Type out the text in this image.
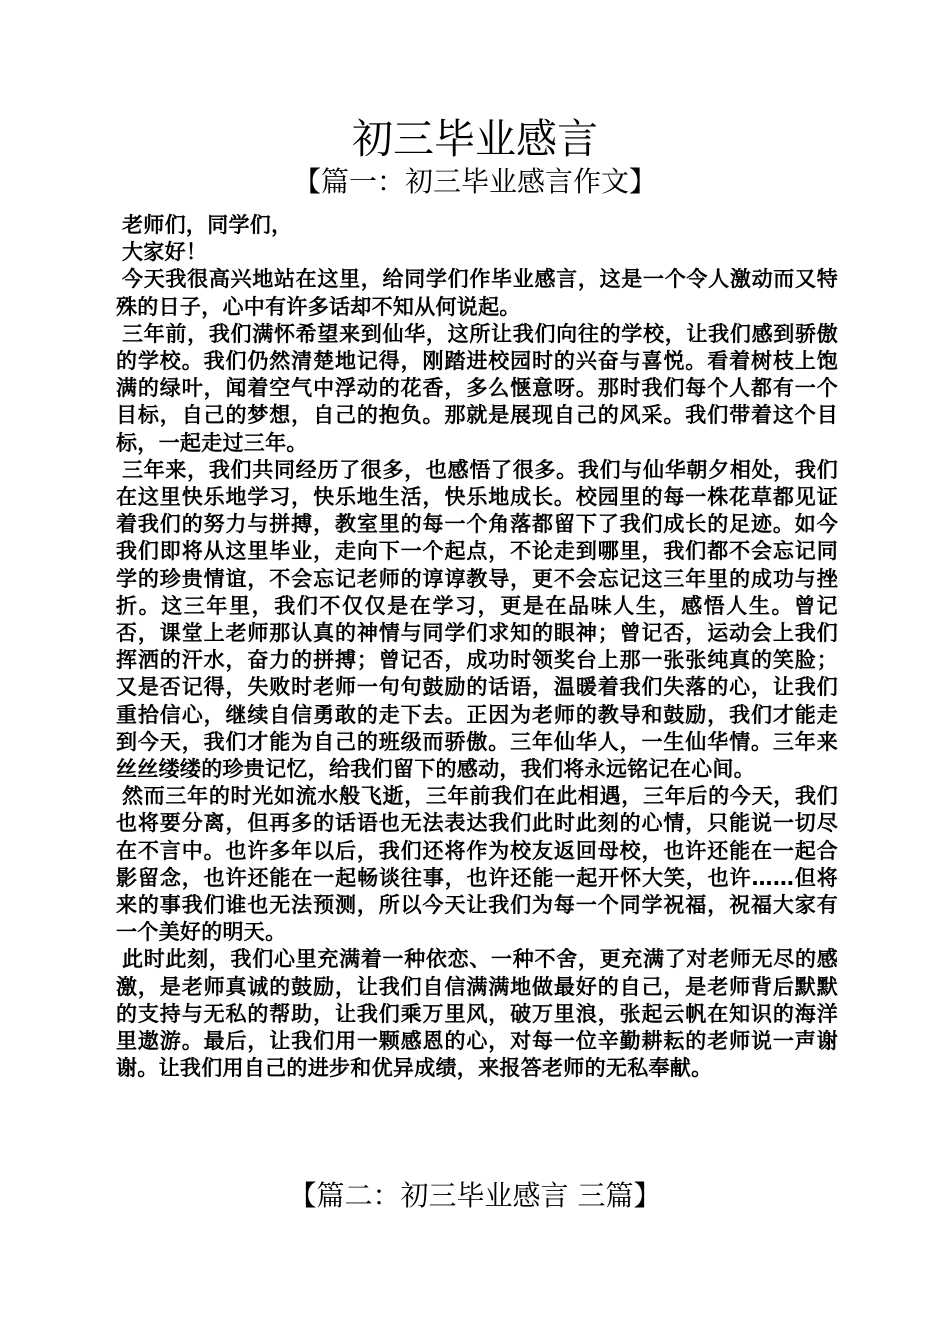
初三毕业感言
【篇一：初三毕业感言作文】

老师们，同学们，

大家好！

今天我很高兴地站在这里，给同学们作毕业感言，这是一个令人激动而又特殊的日子，心中有许多话却不知从何说起。

三年前，我们满怀希望来到仙华，这所让我们向往的学校，让我们感到骄傲的学校。我们仍然清楚地记得，刚踏进校园时的兴奋与喜悦。看着树枝上饱满的绿叶，闻着空气中浮动的花香，多么惬意呀。那时我们每个人都有一个目标，自己的梦想，自己的抱负。那就是展现自己的风采。我们带着这个目标，一起走过三年。

三年来，我们共同经历了很多，也感悟了很多。我们与仙华朝夕相处，我们在这里快乐地学习，快乐地生活，快乐地成长。校园里的每一株花草都见证着我们的努力与拼搏，教室里的每一个角落都留下了我们成长的足迹。如今我们即将从这里毕业，走向下一个起点，不论走到哪里，我们都不会忘记同学的珍贵情谊，不会忘记老师的谆谆教导，更不会忘记这三年里的成功与挫折。这三年里，我们不仅仅是在学习，更是在品味人生，感悟人生。曾记否，课堂上老师那认真的神情与同学们求知的眼神；曾记否，运动会上我们挥洒的汗水，奋力的拼搏；曾记否，成功时领奖台上那一张张纯真的笑脸；又是否记得，失败时老师一句句鼓励的话语，温暖着我们失落的心，让我们重拾信心，继续自信勇敢的走下去。正因为老师的教导和鼓励，我们才能走到今天，我们才能为自己的班级而骄傲。三年仙华人，一生仙华情。三年来丝丝缕缕的珍贵记忆，给我们留下的感动，我们将永远铭记在心间。

然而三年的时光如流水般飞逝，三年前我们在此相遇，三年后的今天，我们也将要分离，但再多的话语也无法表达我们此时此刻的心情，只能说一切尽在不言中。也许多年以后，我们还将作为校友返回母校，也许还能在一起合影留念，也许还能在一起畅谈往事，也许还能一起开怀大笑，也许……但将来的事我们谁也无法预测，所以今天让我们为每一个同学祝福，祝福大家有一个美好的明天。

此时此刻，我们心里充满着一种依恋、一种不舍，更充满了对老师无尽的感激，是老师真诚的鼓励，让我们自信满满地做最好的自己，是老师背后默默的支持与无私的帮助，让我们乘万里风，破万里浪，张起云帆在知识的海洋里遨游。最后，让我们用一颗感恩的心，对每一位辛勤耕耘的老师说一声谢谢。让我们用自己的进步和优异成绩，来报答老师的无私奉献。

【篇二：初三毕业感言 三篇】
